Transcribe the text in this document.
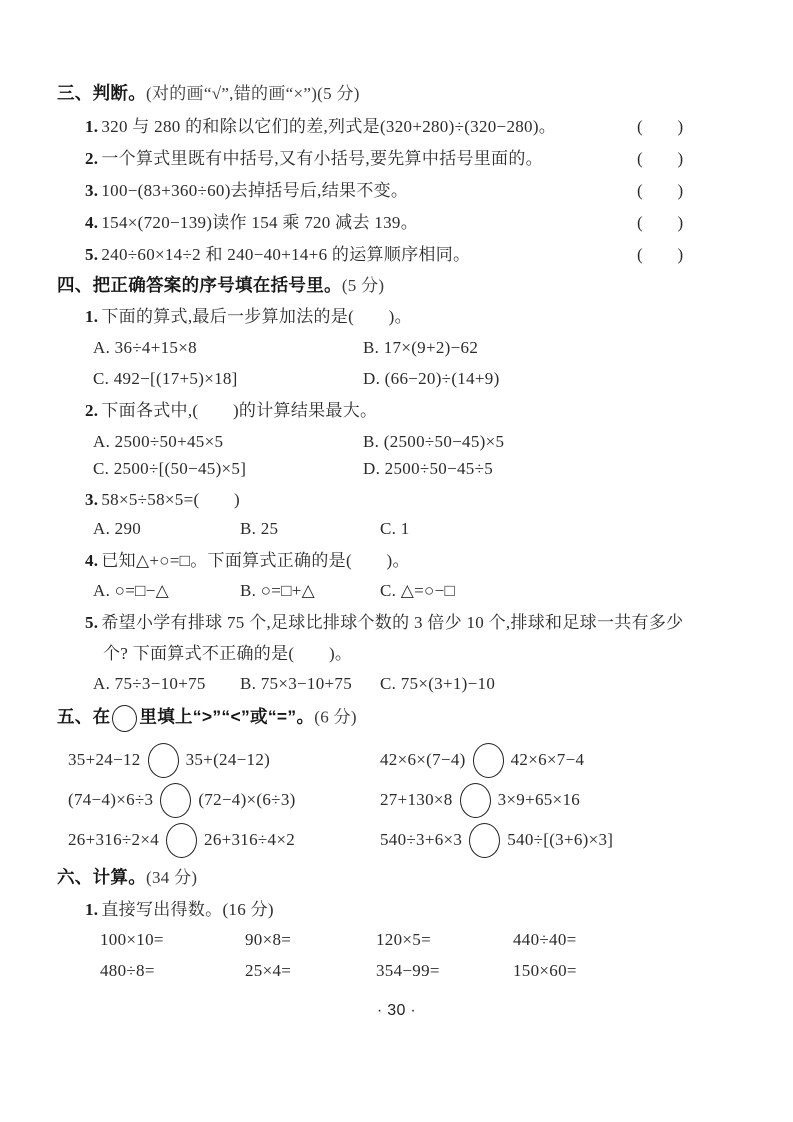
三、判断。(对的画“√”,错的画“×”)(5 分)
1. 320 与 280 的和除以它们的差,列式是(320+280)÷(320−280)。	(　　)
2. 一个算式里既有中括号,又有小括号,要先算中括号里面的。	(　　)
3. 100−(83+360÷60)去掉括号后,结果不变。	(　　)
4. 154×(720−139)读作 154 乘 720 减去 139。	(　　)
5. 240÷60×14÷2 和 240−40+14+6 的运算顺序相同。	(　　)
四、把正确答案的序号填在括号里。(5 分)
1. 下面的算式,最后一步算加法的是(　　)。
A. 36÷4+15×8	B. 17×(9+2)−62
C. 492−[(17+5)×18]	D. (66−20)÷(14+9)
2. 下面各式中,(　　)的计算结果最大。
A. 2500÷50+45×5	B. (2500÷50−45)×5
C. 2500÷[(50−45)×5]	D. 2500÷50−45÷5
3. 58×5÷58×5=(　　)
A. 290	B. 25	C. 1
4. 已知△+○=□。下面算式正确的是(　　)。
A. ○=□−△	B. ○=□+△	C. △=○−□
5. 希望小学有排球 75 个,足球比排球个数的 3 倍少 10 个,排球和足球一共有多少
个? 下面算式不正确的是(　　)。
A. 75÷3−10+75 B. 75×3−10+75 C. 75×(3+1)−10
五、在 里填上“>”“<”或“=”。(6 分)
35+24−12	35+(24−12)	42×6×(7−4)	42×6×7−4
(74−4)×6÷3	(72−4)×(6÷3)	27+130×8	3×9+65×16
26+316÷2×4	26+316÷4×2	540÷3+6×3	540÷[(3+6)×3]
六、计算。(34 分)
1. 直接写出得数。(16 分)
100×10=	90×8=	120×5=	440÷40=
480÷8=	25×4=	354−99=	150×60=
· 30 ·
